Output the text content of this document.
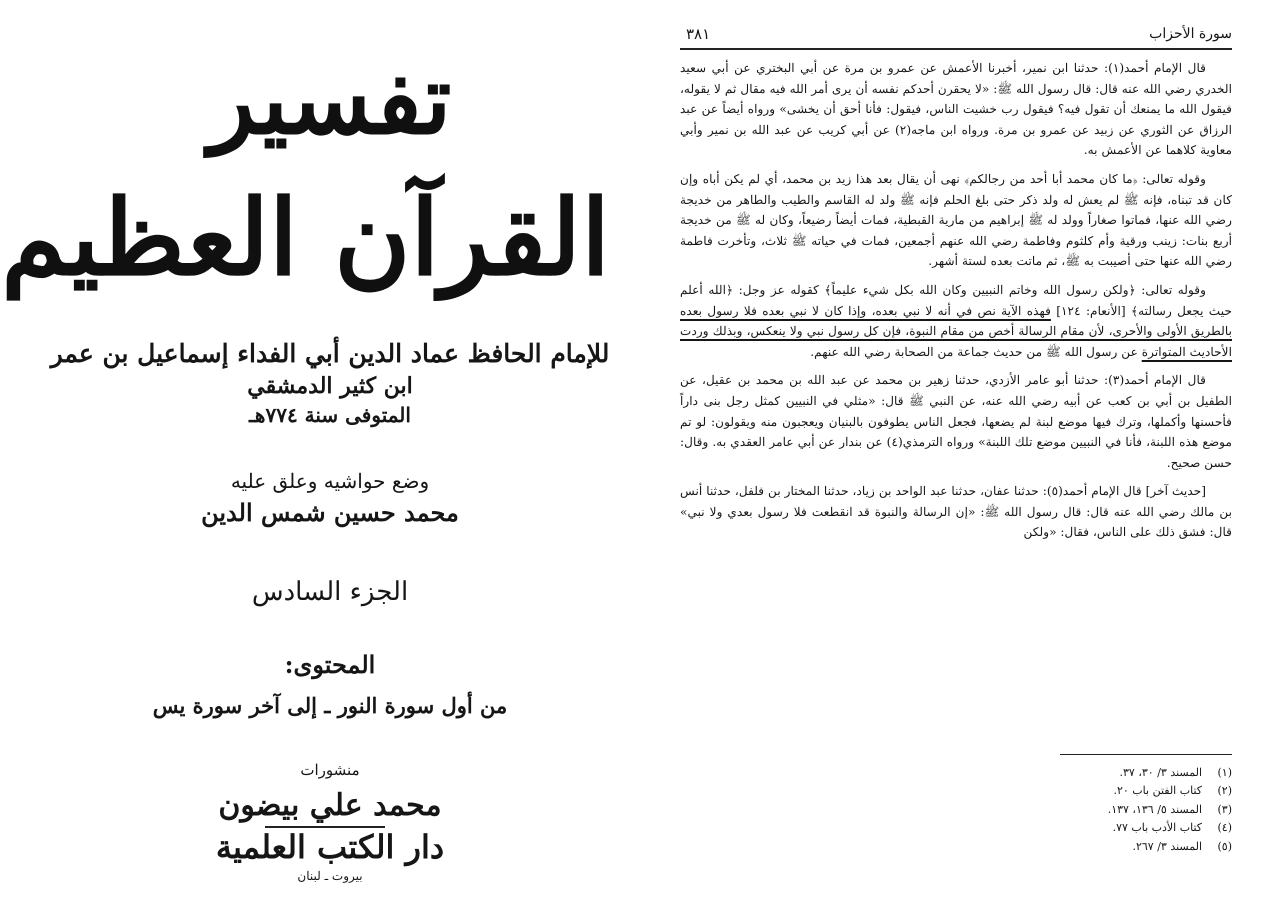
تفسير
القرآن العظيم
للإمام الحافظ عماد الدين أبي الفداء إسماعيل بن عمر
ابن كثير الدمشقي
المتوفى سنة ٧٧٤هـ
وضع حواشيه وعلق عليه
محمد حسين شمس الدين
الجزء السادس
المحتوى:
من أول سورة النور ـ إلى آخر سورة يس
منشورات
محمد علي بيضون
دار الكتب العلمية
بيروت ـ لبنان
سورة الأحزاب
٣٨١

قال الإمام أحمد(١): حدثنا ابن نمير، أخبرنا الأعمش عن عمرو بن مرة عن أبي البختري عن أبي سعيد الخدري رضي الله عنه قال: قال رسول الله ﷺ: «لا يحقرن أحدكم نفسه أن يرى أمر الله فيه مقال ثم لا يقوله، فيقول الله ما يمنعك أن تقول فيه؟ فيقول رب خشيت الناس، فيقول: فأنا أحق أن يخشى» ورواه أيضاً عن عبد الرزاق عن الثوري عن زبيد عن عمرو بن مرة. ورواه ابن ماجه(٢) عن أبي كريب عن عبد الله بن نمير وأبي معاوية كلاهما عن الأعمش به.

وقوله تعالى: ﴿ما كان محمد أبا أحد من رجالكم﴾ نهى أن يقال بعد هذا زيد بن محمد، أي لم يكن أباه وإن كان قد تبناه، فإنه ﷺ لم يعش له ولد ذكر حتى بلغ الحلم فإنه ﷺ ولد له القاسم والطيب والطاهر من خديجة رضي الله عنها، فماتوا صغاراً وولد له ﷺ إبراهيم من مارية القبطية، فمات أيضاً رضيعاً، وكان له ﷺ من خديجة أربع بنات: زينب ورقية وأم كلثوم وفاطمة رضي الله عنهم أجمعين، فمات في حياته ﷺ ثلاث، وتأخرت فاطمة رضي الله عنها حتى أصيبت به ﷺ، ثم ماتت بعده لستة أشهر.

وقوله تعالى: ﴿ولكن رسول الله وخاتم النبيين وكان الله بكل شيء عليماً﴾ كقوله عز وجل: ﴿الله أعلم حيث يجعل رسالته﴾ [الأنعام: ١٢٤] فهذه الآية نص في أنه لا نبي بعده، وإذا كان لا نبي بعده فلا رسول بعده بالطريق الأولى والأحرى، لأن مقام الرسالة أخص من مقام النبوة، فإن كل رسول نبي ولا ينعكس، وبذلك وردت الأحاديث المتواترة عن رسول الله ﷺ من حديث جماعة من الصحابة رضي الله عنهم.

قال الإمام أحمد(٣): حدثنا أبو عامر الأزدي، حدثنا زهير بن محمد عن عبد الله بن محمد بن عقيل، عن الطفيل بن أبي بن كعب عن أبيه رضي الله عنه، عن النبي ﷺ قال: «مثلي في النبيين كمثل رجل بنى داراً فأحسنها وأكملها، وترك فيها موضع لبنة لم يضعها، فجعل الناس يطوفون بالبنيان ويعجبون منه ويقولون: لو تم موضع هذه اللبنة، فأنا في النبيين موضع تلك اللبنة» ورواه الترمذي(٤) عن بندار عن أبي عامر العقدي به. وقال: حسن صحيح.

[حديث آخر] قال الإمام أحمد(٥): حدثنا عفان، حدثنا عبد الواحد بن زياد، حدثنا المختار بن فلفل، حدثنا أنس بن مالك رضي الله عنه قال: قال رسول الله ﷺ: «إن الرسالة والنبوة قد انقطعت فلا رسول بعدي ولا نبي» قال: فشق ذلك على الناس، فقال: «ولكن

(١)المسند ٣/ ٣٠، ٣٧.
(٢)كتاب الفتن باب ٢٠.
(٣)المسند ٥/ ١٣٦، ١٣٧.
(٤)كتاب الأدب باب ٧٧.
(٥)المسند ٣/ ٢٦٧.
